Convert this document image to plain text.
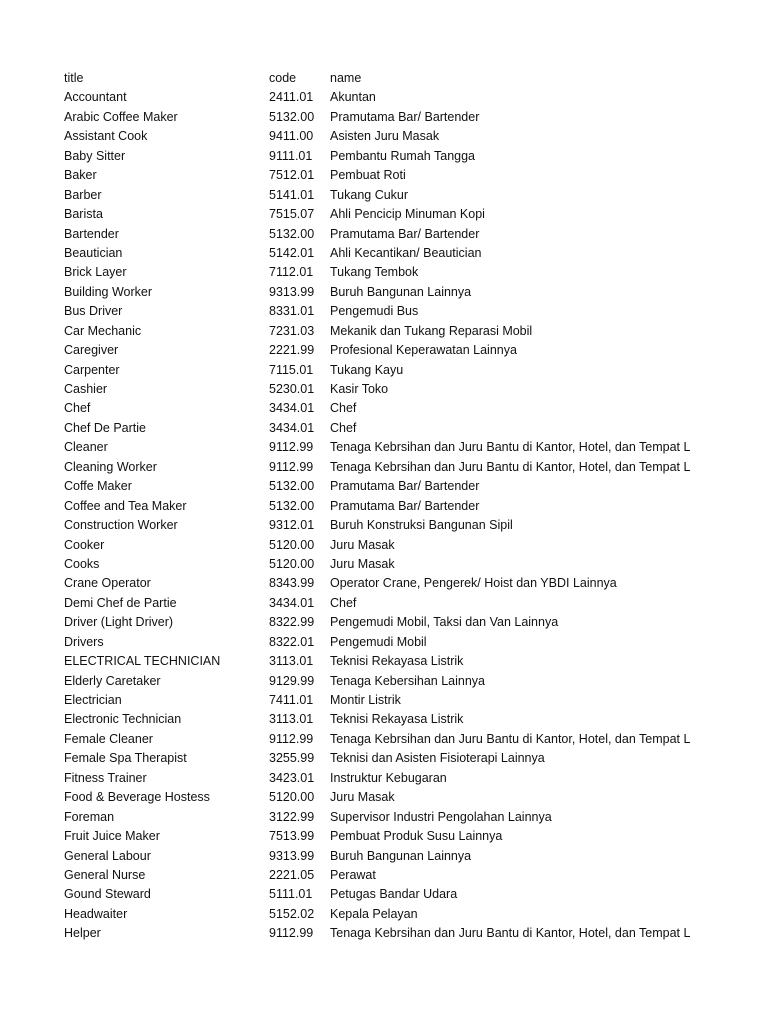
title	code	name
Accountant	2411.01	Akuntan
Arabic Coffee Maker	5132.00	Pramutama Bar/ Bartender
Assistant Cook	9411.00	Asisten Juru Masak
Baby Sitter	9111.01	Pembantu Rumah Tangga
Baker	7512.01	Pembuat Roti
Barber	5141.01	Tukang Cukur
Barista	7515.07	Ahli Pencicip Minuman Kopi
Bartender	5132.00	Pramutama Bar/ Bartender
Beautician	5142.01	Ahli Kecantikan/ Beautician
Brick Layer	7112.01	Tukang Tembok
Building Worker	9313.99	Buruh Bangunan Lainnya
Bus Driver	8331.01	Pengemudi Bus
Car Mechanic	7231.03	Mekanik dan Tukang Reparasi Mobil
Caregiver	2221.99	Profesional Keperawatan Lainnya
Carpenter	7115.01	Tukang Kayu
Cashier	5230.01	Kasir Toko
Chef	3434.01	Chef
Chef De Partie	3434.01	Chef
Cleaner	9112.99	Tenaga Kebrsihan dan Juru Bantu di Kantor, Hotel, dan Tempat L
Cleaning Worker	9112.99	Tenaga Kebrsihan dan Juru Bantu di Kantor, Hotel, dan Tempat L
Coffe Maker	5132.00	Pramutama Bar/ Bartender
Coffee and Tea Maker	5132.00	Pramutama Bar/ Bartender
Construction Worker	9312.01	Buruh Konstruksi Bangunan Sipil
Cooker	5120.00	Juru Masak
Cooks	5120.00	Juru Masak
Crane Operator	8343.99	Operator Crane, Pengerek/ Hoist dan YBDI Lainnya
Demi Chef de Partie	3434.01	Chef
Driver (Light Driver)	8322.99	Pengemudi Mobil, Taksi dan Van Lainnya
Drivers	8322.01	Pengemudi Mobil
ELECTRICAL TECHNICIAN	3113.01	Teknisi Rekayasa Listrik
Elderly Caretaker	9129.99	Tenaga Kebersihan Lainnya
Electrician	7411.01	Montir Listrik
Electronic Technician	3113.01	Teknisi Rekayasa Listrik
Female Cleaner	9112.99	Tenaga Kebrsihan dan Juru Bantu di Kantor, Hotel, dan Tempat L
Female Spa Therapist	3255.99	Teknisi dan Asisten Fisioterapi Lainnya
Fitness Trainer	3423.01	Instruktur Kebugaran
Food & Beverage Hostess	5120.00	Juru Masak
Foreman	3122.99	Supervisor Industri Pengolahan Lainnya
Fruit Juice Maker	7513.99	Pembuat Produk Susu Lainnya
General Labour	9313.99	Buruh Bangunan Lainnya
General Nurse	2221.05	Perawat
Gound Steward	5111.01	Petugas Bandar Udara
Headwaiter	5152.02	Kepala Pelayan
Helper	9112.99	Tenaga Kebrsihan dan Juru Bantu di Kantor, Hotel, dan Tempat L
